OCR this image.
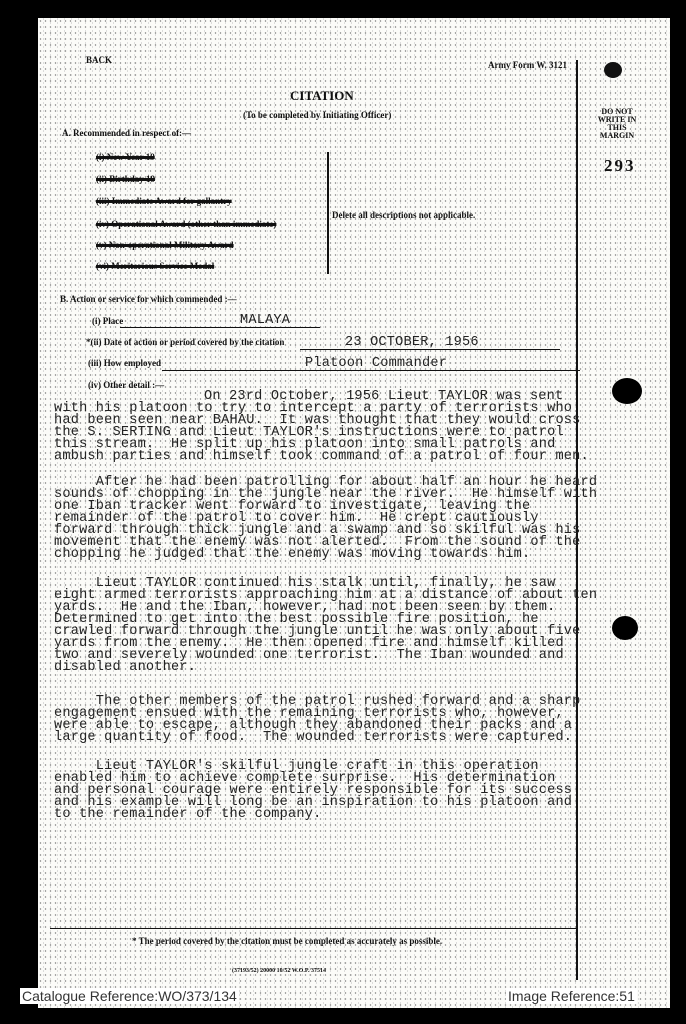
BACK	Army Form W. 3121
CITATION
(To be completed by Initiating Officer)	DO NOT
WRITE IN
THIS
MARGIN
293
A. Recommended in respect of:—
(i) New Year 19
(ii) Birthday 19
(iii) Immediate Award for gallantry
(iv) Operational Award (other than immediate)
(v) Non-operational Military Award
(vi) Meritorious Service Medal
Delete all descriptions not applicable.
B. Action or service for which commended :—
(i) Place	MALAYA
*(ii) Date of action or period covered by the citation	23 OCTOBER, 1956
(iii) How employed	Platoon Commander
(iv) Other detail :—
On 23rd October, 1956 Lieut TAYLOR was sent
with his platoon to try to intercept a party of terrorists who
had been seen near BAHAU.  It was thought that they would cross
the S. SERTING and Lieut TAYLOR's instructions were to patrol
this stream.  He split up his platoon into small patrols and
ambush parties and himself took command of a patrol of four men.
After he had been patrolling for about half an hour he heard
sounds of chopping in the jungle near the river.  He himself with
one Iban tracker went forward to investigate, leaving the
remainder of the patrol to cover him.  He crept cautiously
forward through thick jungle and a swamp and so skilful was his
movement that the enemy was not alerted.  From the sound of the
chopping he judged that the enemy was moving towards him.
Lieut TAYLOR continued his stalk until, finally, he saw
eight armed terrorists approaching him at a distance of about ten
yards.  He and the Iban, however, had not been seen by them.
Determined to get into the best possible fire position, he
crawled forward through the jungle until he was only about five
yards from the enemy.  He then opened fire and himself killed
two and severely wounded one terrorist.  The Iban wounded and
disabled another.
The other members of the patrol rushed forward and a sharp
engagement ensued with the remaining terrorists who, however,
were able to escape, although they abandoned their packs and a
large quantity of food.  The wounded terrorists were captured.
Lieut TAYLOR's skilful jungle craft in this operation
enabled him to achieve complete surprise.  His determination
and personal courage were entirely responsible for its success
and his example will long be an inspiration to his platoon and
to the remainder of the company.
* The period covered by the citation must be completed as accurately as possible.
(37193/52) 20000 10/52 W.O.P. 37514
Catalogue Reference:WO/373/134	Image Reference:51
